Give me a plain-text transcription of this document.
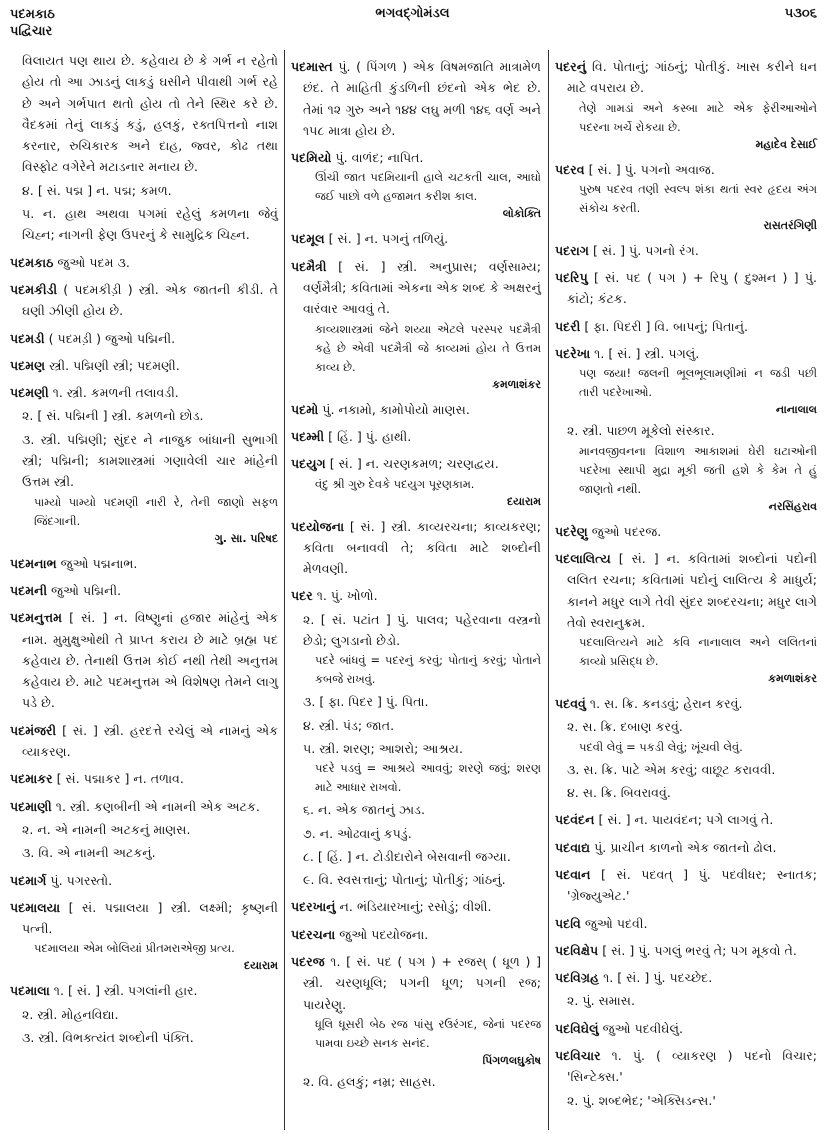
પદમકાઠ
પદ્વિચાર
ભગવદ્ગોમંડલ	૫૩૦૬

વિલાયત પણ થાય છે. કહેવાય છે કે ગર્ભ ન રહેતો હોય તો આ ઝાડનું લાકડું ઘસીને પીવાથી ગર્ભ રહે છે અને ગર્ભપાત થતો હોય તો તેને સ્થિર કરે છે. વૈદકમાં તેનું લાકડું કડું, હલકું, રક્તપિત્તનો નાશ કરનાર, રુચિકારક અને દાહ, જ્વર, કોઢ તથા વિસ્ફોટ વગેરેને મટાડનાર મનાય છે.

૪. [ સં. પદ્મ ] ન. પદ્મ; કમળ.

૫. ન. હાથ અથવા પગમાં રહેલું કમળના જેવું ચિહ્ન; નાગની ફેણ ઉપરનું કે સામુદ્રિક ચિહ્ન.

પદમકાઠ જુઓ પદમ ૩.

પદમકીડી ( પદમકીડ઼ી ) સ્ત્રી. એક જાતની કીડી. તે ઘણી ઝીણી હોય છે.

પદમડી ( પદમડ઼ી ) જુઓ પદ્મિની.

પદમણ સ્ત્રી. પદ્મિણી સ્ત્રી; પદમણી.

પદમણી ૧. સ્ત્રી. કમળની તલાવડી.

૨. [ સં. પદ્મિની ] સ્ત્રી. કમળનો છોડ.

૩. સ્ત્રી. પદ્મિણી; સુંદર ને નાજુક બાંધાની સુભાગી સ્ત્રી; પદ્મિની; કામશાસ્ત્રમાં ગણાવેલી ચાર માંહેની ઉત્તમ સ્ત્રી.

પામ્યો પામ્યો પદમણી નારી રે, તેની જાણો સફળ જિંદગાની.

ગુ. સા. પરિષદ

પદમનાભ જુઓ પદ્મનાભ.

પદમની જુઓ પદ્મિની.

પદમનુત્તમ [ સં. ] ન. વિષ્ણુનાં હજાર માંહેનું એક નામ. મુમુક્ષુઓથી તે પ્રાપ્ત કરાય છે માટે બ્રહ્મ પદ કહેવાય છે. તેનાથી ઉત્તમ કોઈ નથી તેથી અનુત્તમ કહેવાય છે. માટે પદમનુત્તમ એ વિશેષણ તેમને લાગુ પડે છે.

પદમંજરી [ સં. ] સ્ત્રી. હરદત્તે રચેલું એ નામનું એક વ્યાકરણ.

પદમાકર [ સં. પદ્માકર ] ન. તળાવ.

પદમાણી ૧. સ્ત્રી. કણબીની એ નામની એક અટક.

૨. ન. એ નામની અટકનું માણસ.

૩. વિ. એ નામની અટકનું.

પદમાર્ગ પું. પગરસ્તો.

પદમાલયા [ સં. પદ્માલયા ] સ્ત્રી. લક્ષ્મી; કૃષ્ણની પત્ની.

પદમાલયા એમ બોલિયાં પ્રીતમરાએજી પ્રત્ય.

દયારામ

પદમાલા ૧. [ સં. ] સ્ત્રી. પગલાંની હાર.

૨. સ્ત્રી. મોહનવિદ્યા.

૩. સ્ત્રી. વિભક્ત્યંત શબ્દોની પંક્તિ.

પદમાસ્ત પું. ( પિંગળ ) એક વિષમજાતિ માત્રામેળ છંદ. તે માહિતી કુંડળિની છંદનો એક ભેદ છે. તેમાં ૧૨ ગુરુ અને ૧૪૪ લઘુ મળી ૧૪૬ વર્ણ અને ૧૫૮ માત્રા હોય છે.

પદમિયો પું. વાળંદ; નાપિત.

ઊંચી જાત પદમિયાની હાલે ચટકતી ચાલ, આઘો જઈ પાછો વળે હજામત કરીશ કાલ.

લોકોક્તિ

પદમૂલ [ સં. ] ન. પગનું તળિયું.

પદમૈત્રી [ સં. ] સ્ત્રી. અનુપ્રાસ; વર્ણસામ્ય; વર્ણમૈત્રી; કવિતામાં એકના એક શબ્દ કે અક્ષરનું વારંવાર આવવું તે.

કાવ્યશાસ્ત્રમાં જેને શય્યા એટલે પરસ્પર પદમૈત્રી કહે છે એવી પદમૈત્રી જે કાવ્યમાં હોય તે ઉત્તમ કાવ્ય છે.

કમળાશંકર

પદમો પું. નકામો, કામોપોયો માણસ.

પદમ્મી [ હિં. ] પું. હાથી.

પદયુગ [ સં. ] ન. ચરણકમળ; ચરણદ્વય.

વંદુ શ્રી ગુરુ દેવકે પદયુગ પૂરણકામ.

દયારામ

પદયોજના [ સં. ] સ્ત્રી. કાવ્યરચના; કાવ્યકરણ; કવિતા બનાવવી તે; કવિતા માટે શબ્દોની મેળવણી.

પદર ૧. પું. ખોળો.

૨. [ સં. પટાંત ] પું. પાલવ; પહેરવાના વસ્ત્રનો છેડો; લુગડાનો છેડો.

પદરે બાંધવું = પદરનું કરવું; પોતાનું કરવું; પોતાને કબજે રાખવું.

૩. [ ફા. પિદર ] પું. પિતા.

૪. સ્ત્રી. પંડ; જાત.

૫. સ્ત્રી. શરણ; આશરો; આશ્રય.

પદરે પડવું = આશ્રયે આવવું; શરણે જવું; શરણ માટે આધાર રાખવો.

૬. ન. એક જાતનું ઝાડ.

૭. ન. ઓઢવાનું કપડું.

૮. [ હિં. ] ન. ટોડીદારોને બેસવાની જગ્યા.

૯. વિ. સ્વસત્તાનું; પોતાનું; પોતીકું; ગાંઠનું.

પદરખાનું ન. ભંડિયારખાનું; રસોડું; વીશી.

પદરચના જુઓ પદયોજના.

પદરજ ૧. [ સં. પદ ( પગ ) + રજસ્ ( ધૂળ ) ] સ્ત્રી. ચરણધૂલિ; પગની ધૂળ; પગની રજ; પાયરેણુ.

ધૂલિ ધૂસરી બેઠ રજ પાંસુ રઉરંગદ, જેનાં પદરજ પામવા ઇચ્છે સનક સનંદ.

પિંગળલઘુકોષ

૨. વિ. હલકું; નમ્ર; સાહસ.

પદરનું વિ. પોતાનું; ગાંઠનું; પોતીકું. ખાસ કરીને ધન માટે વપરાય છે.

તેણે ગામડાં અને કસ્બા માટે એક ફેરીઆઓને પદરના ખર્ચે રોકયા છે.

મહાદેવ દેસાઈ

પદરવ [ સં. ] પું. પગનો અવાજ.

પુરુષ પદરવ તણી સ્વલ્પ શંકા થતાં સ્વર હૃદય અંગ સંકોચ કરતી.

રાસતરંગિણી

પદરાગ [ સં. ] પું. પગનો રંગ.

પદરિપુ [ સં. પદ ( પગ ) + રિપુ ( દુશ્મન ) ] પું. કાંટો; કંટક.

પદરી [ ફા. પિદરી ] વિ. બાપનું; પિતાનું.

પદરેખા ૧. [ સં. ] સ્ત્રી. પગલું.

પણ જયા! જલની ભૂલભૂલામણીમાં ન જડી પછી તારી પદરેખાઓ.

નાનાલાલ

૨. સ્ત્રી. પાછળ મૂકેલો સંસ્કાર.

માનવજીવનના વિશાળ આકાશમાં ઘેરી ઘટાઓની પદરેખા સ્થાપી મુદ્રા મૂકી જતી હશે કે કેમ તે હું જાણતો નથી.

નરસિંહરાવ

પદરેણુ જુઓ પદરજ.

પદલાલિત્ય [ સં. ] ન. કવિતામાં શબ્દોનાં પદોની લલિત રચના; કવિતામાં પદોનું લાલિત્ય કે માધુર્ય; કાનને મધુર લાગે તેવી સુંદર શબ્દરચના; મધુર લાગે તેવો સ્વરાનુક્રમ.

પદલાલિત્યને માટે કવિ નાનાલાલ અને લલિતનાં કાવ્યો પ્રસિદ્ધ છે.

કમળાશંકર

પદવવું ૧. સ. ક્રિ. કનડવું; હેરાન કરવું.

૨. સ. ક્રિ. દબાણ કરવું.

પદવી લેવું = પકડી લેવું; ખૂંચવી લેવું.

૩. સ. ક્રિ. પાટે એમ કરવું; વાછૂટ કરાવવી.

૪. સ. ક્રિ. બિવરાવવું.

પદવંદન [ સં. ] ન. પાયવંદન; પગે લાગવું તે.

પદવાદ્ય પું. પ્રાચીન કાળનો એક જાતનો ઢોલ.

પદવાન [ સં. પદવત્ ] પું. પદવીધર; સ્નાતક; 'ગ્રેજ્યુએટ.'

પદવિ જુઓ પદવી.

પદવિક્ષેપ [ સં. ] પું. પગલું ભરવું તે; પગ મૂકવો તે.

પદવિગ્રહ ૧. [ સં. ] પું. પદચ્છેદ.

૨. પું. સમાસ.

પદવિઘેલું જુઓ પદવીઘેલું.

પદવિચાર ૧. પું. ( વ્યાકરણ ) પદનો વિચાર; 'સિન્ટેક્સ.'

૨. પું. શબ્દભેદ; 'એક્સિડન્સ.'
